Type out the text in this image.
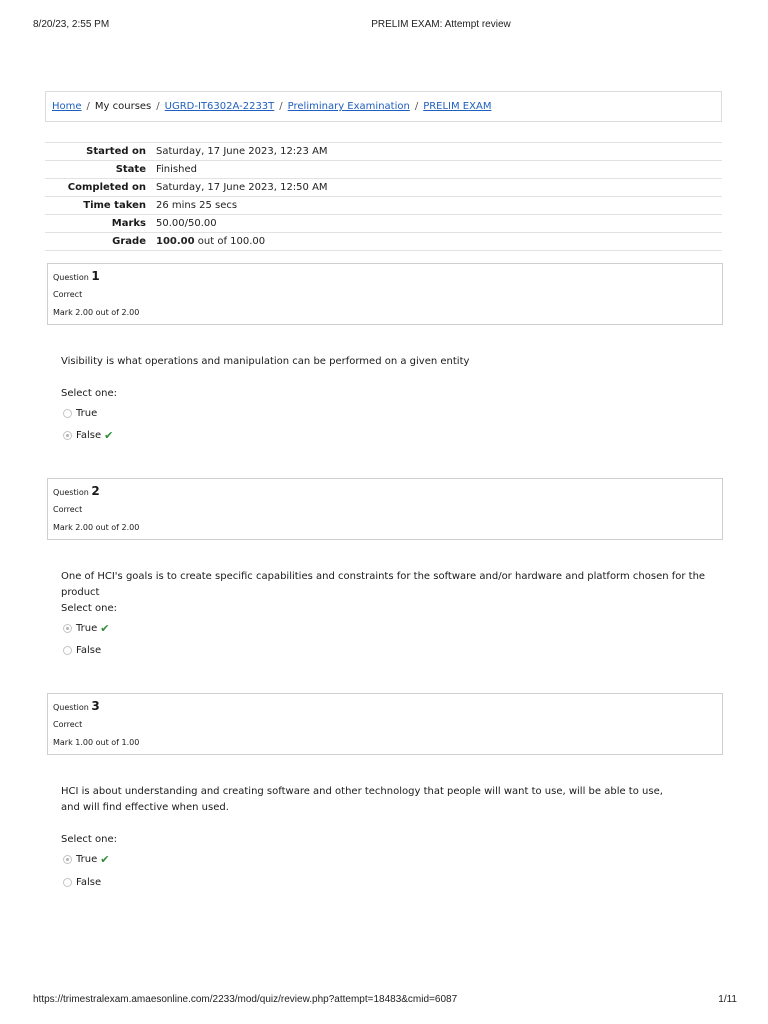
8/20/23, 2:55 PM	PRELIM EXAM: Attempt review
Home / My courses / UGRD-IT6302A-2233T / Preliminary Examination / PRELIM EXAM
Started on	Saturday, 17 June 2023, 12:23 AM
State	Finished
Completed on	Saturday, 17 June 2023, 12:50 AM
Time taken	26 mins 25 secs
Marks	50.00/50.00
Grade	100.00 out of 100.00
Question 1
Correct
Mark 2.00 out of 2.00
Visibility is what operations and manipulation can be performed on a given entity
Select one:
True
False ✔
Question 2
Correct
Mark 2.00 out of 2.00
One of HCI's goals is to create specific capabilities and constraints for the software and/or hardware and platform chosen for the product
Select one:
True ✔
False
Question 3
Correct
Mark 1.00 out of 1.00
HCI is about understanding and creating software and other technology that people will want to use, will be able to use, and will find effective when used.
Select one:
True ✔
False
https://trimestralexam.amaesonline.com/2233/mod/quiz/review.php?attempt=18483&cmid=6087	1/11
